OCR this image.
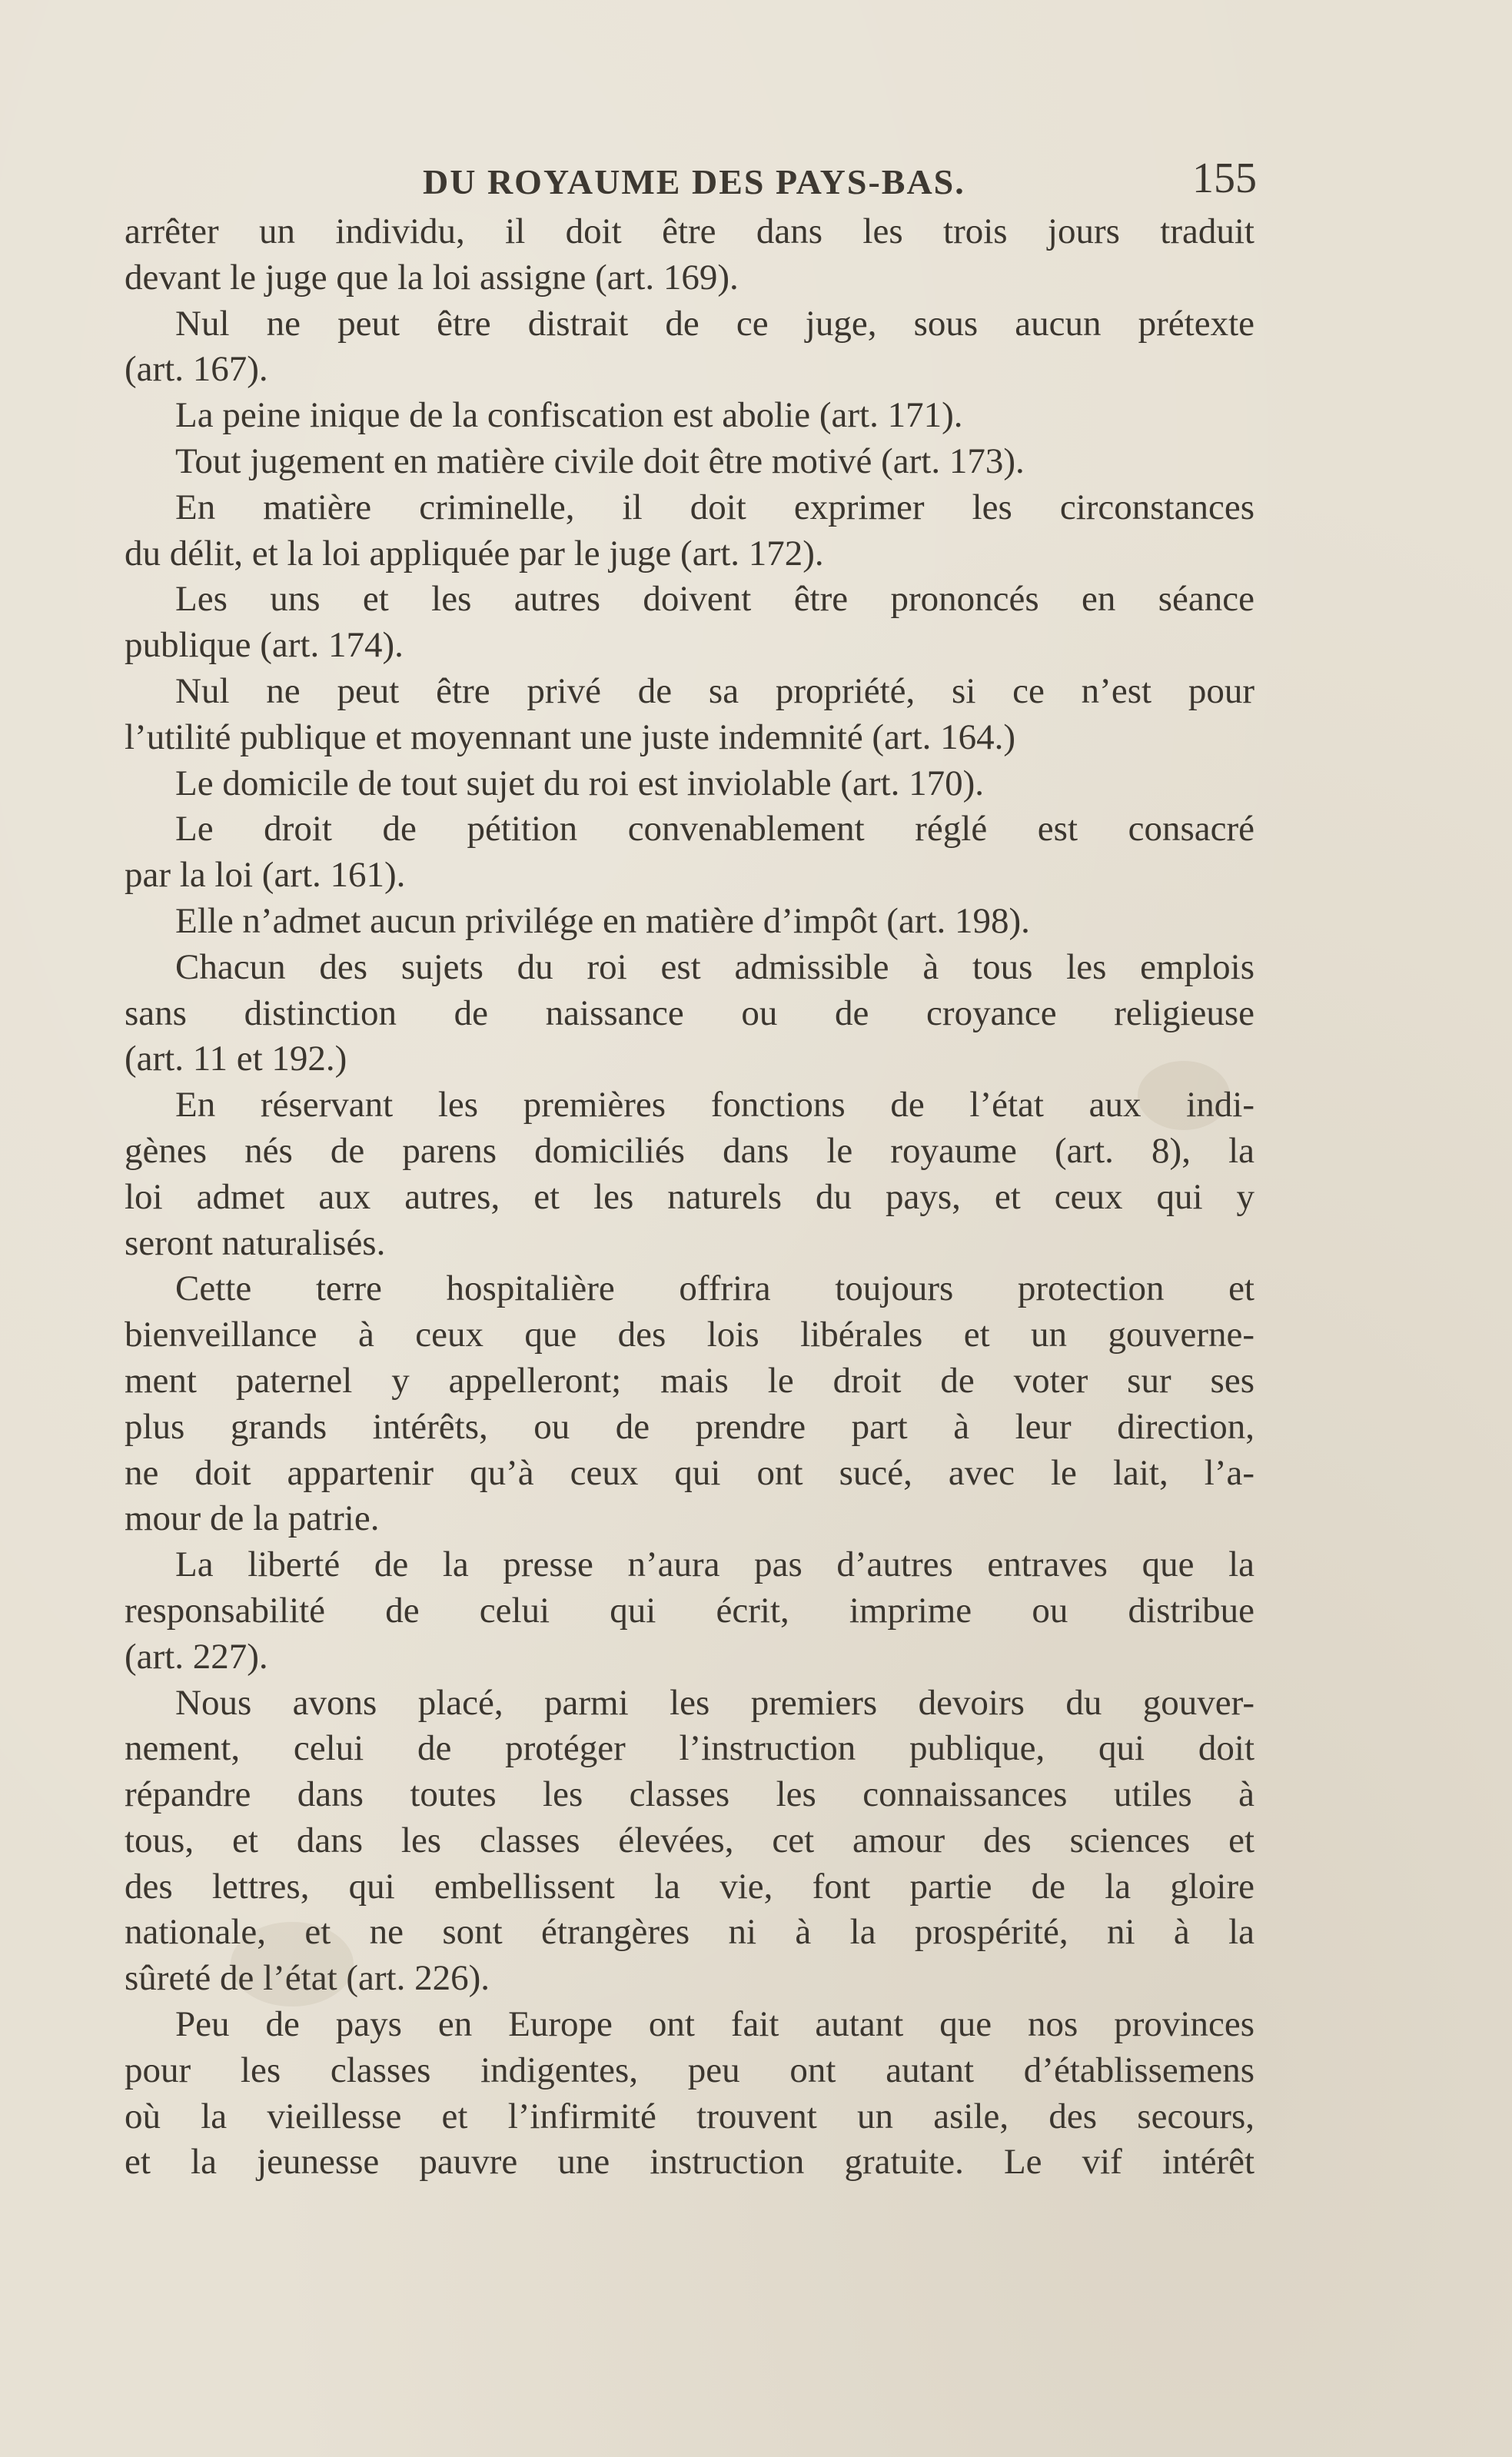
DU ROYAUME DES PAYS-BAS.	155
arrêter un individu, il doit être dans les trois jours traduit
devant le juge que la loi assigne (art. 169).
Nul ne peut être distrait de ce juge, sous aucun prétexte
(art. 167).
La peine inique de la confiscation est abolie (art. 171).
Tout jugement en matière civile doit être motivé (art. 173).
En matière criminelle, il doit exprimer les circonstances
du délit, et la loi appliquée par le juge (art. 172).
Les uns et les autres doivent être prononcés en séance
publique (art. 174).
Nul ne peut être privé de sa propriété, si ce n’est pour
l’utilité publique et moyennant une juste indemnité (art. 164.)
Le domicile de tout sujet du roi est inviolable (art. 170).
Le droit de pétition convenablement réglé est consacré
par la loi (art. 161).
Elle n’admet aucun privilége en matière d’impôt (art. 198).
Chacun des sujets du roi est admissible à tous les emplois
sans distinction de naissance ou de croyance religieuse
(art. 11 et 192.)
En réservant les premières fonctions de l’état aux indi-
gènes nés de parens domiciliés dans le royaume (art. 8), la
loi admet aux autres, et les naturels du pays, et ceux qui y
seront naturalisés.
Cette terre hospitalière offrira toujours protection et
bienveillance à ceux que des lois libérales et un gouverne-
ment paternel y appelleront; mais le droit de voter sur ses
plus grands intérêts, ou de prendre part à leur direction,
ne doit appartenir qu’à ceux qui ont sucé, avec le lait, l’a-
mour de la patrie.
La liberté de la presse n’aura pas d’autres entraves que la
responsabilité de celui qui écrit, imprime ou distribue
(art. 227).
Nous avons placé, parmi les premiers devoirs du gouver-
nement, celui de protéger l’instruction publique, qui doit
répandre dans toutes les classes les connaissances utiles à
tous, et dans les classes élevées, cet amour des sciences et
des lettres, qui embellissent la vie, font partie de la gloire
nationale, et ne sont étrangères ni à la prospérité, ni à la
sûreté de l’état (art. 226).
Peu de pays en Europe ont fait autant que nos provinces
pour les classes indigentes, peu ont autant d’établissemens
où la vieillesse et l’infirmité trouvent un asile, des secours,
et la jeunesse pauvre une instruction gratuite. Le vif intérêt
